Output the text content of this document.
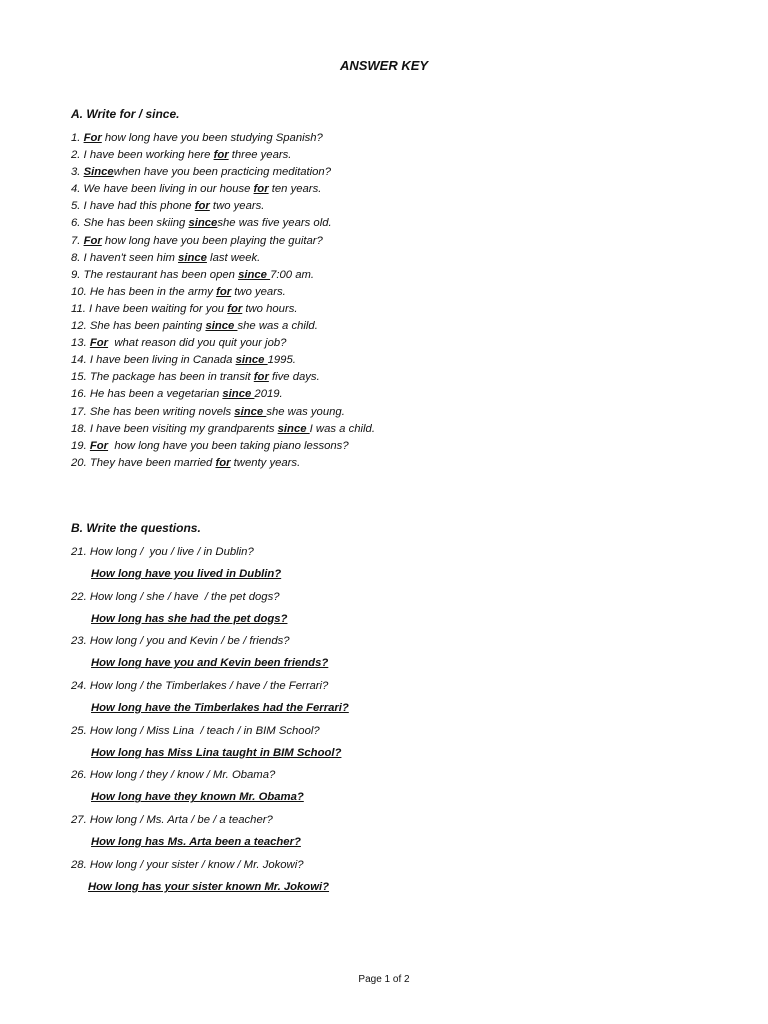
ANSWER KEY
A. Write for / since.
1. For how long have you been studying Spanish?
2. I have been working here for three years.
3. Sincewhen have you been practicing meditation?
4. We have been living in our house for ten years.
5. I have had this phone for two years.
6. She has been skiing sinceshe was five years old.
7. For how long have you been playing the guitar?
8. I haven't seen him since last week.
9. The restaurant has been open since 7:00 am.
10. He has been in the army for two years.
11. I have been waiting for you for two hours.
12. She has been painting since she was a child.
13. For  what reason did you quit your job?
14. I have been living in Canada since 1995.
15. The package has been in transit for five days.
16. He has been a vegetarian since 2019.
17. She has been writing novels since she was young.
18. I have been visiting my grandparents since I was a child.
19. For  how long have you been taking piano lessons?
20. They have been married for twenty years.
B. Write the questions.
21. How long /  you / live / in Dublin?
How long have you lived in Dublin?
22. How long / she / have  / the pet dogs?
How long has she had the pet dogs?
23. How long / you and Kevin / be / friends?
How long have you and Kevin been friends?
24. How long / the Timberlakes / have / the Ferrari?
How long have the Timberlakes had the Ferrari?
25. How long / Miss Lina  / teach / in BIM School?
How long has Miss Lina taught in BIM School?
26. How long / they / know / Mr. Obama?
How long have they known Mr. Obama?
27. How long / Ms. Arta / be / a teacher?
How long has Ms. Arta been a teacher?
28. How long / your sister / know / Mr. Jokowi?
How long has your sister known Mr. Jokowi?
Page 1 of 2
